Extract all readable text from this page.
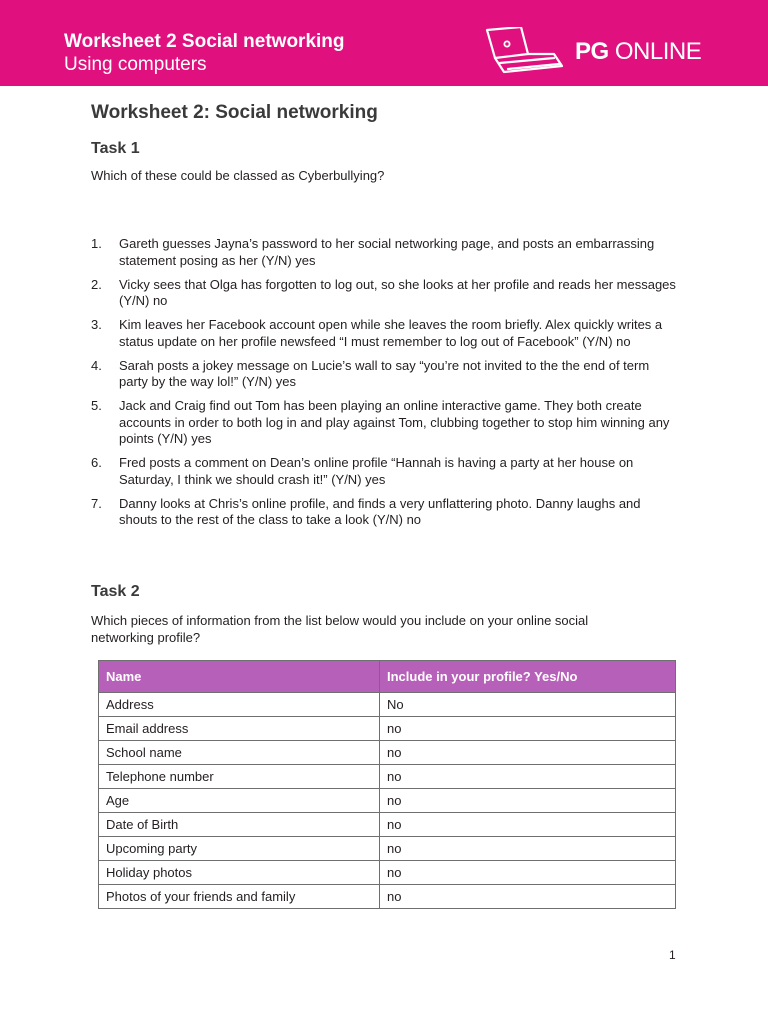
Worksheet 2 Social networking
Using computers	PG ONLINE
Worksheet 2: Social networking
Task 1

Which of these could be classed as Cyberbullying?

1. Gareth guesses Jayna’s password to her social networking page, and posts an embarrassing statement posing as her (Y/N) yes
2. Vicky sees that Olga has forgotten to log out, so she looks at her profile and reads her messages (Y/N) no
3. Kim leaves her Facebook account open while she leaves the room briefly. Alex quickly writes a status update on her profile newsfeed “I must remember to log out of Facebook” (Y/N) no
4. Sarah posts a jokey message on Lucie’s wall to say “you’re not invited to the the end of term party by the way lol!” (Y/N) yes
5. Jack and Craig find out Tom has been playing an online interactive game. They both create accounts in order to both log in and play against Tom, clubbing together to stop him winning any points (Y/N) yes
6. Fred posts a comment on Dean’s online profile “Hannah is having a party at her house on Saturday, I think we should crash it!” (Y/N) yes
7. Danny looks at Chris’s online profile, and finds a very unflattering photo. Danny laughs and shouts to the rest of the class to take a look (Y/N) no
Task 2

Which pieces of information from the list below would you include on your online social networking profile?

Name	Include in your profile? Yes/No
Address	No
Email address	no
School name	no
Telephone number	no
Age	no
Date of Birth	no
Upcoming party	no
Holiday photos	no
Photos of your friends and family	no
1
